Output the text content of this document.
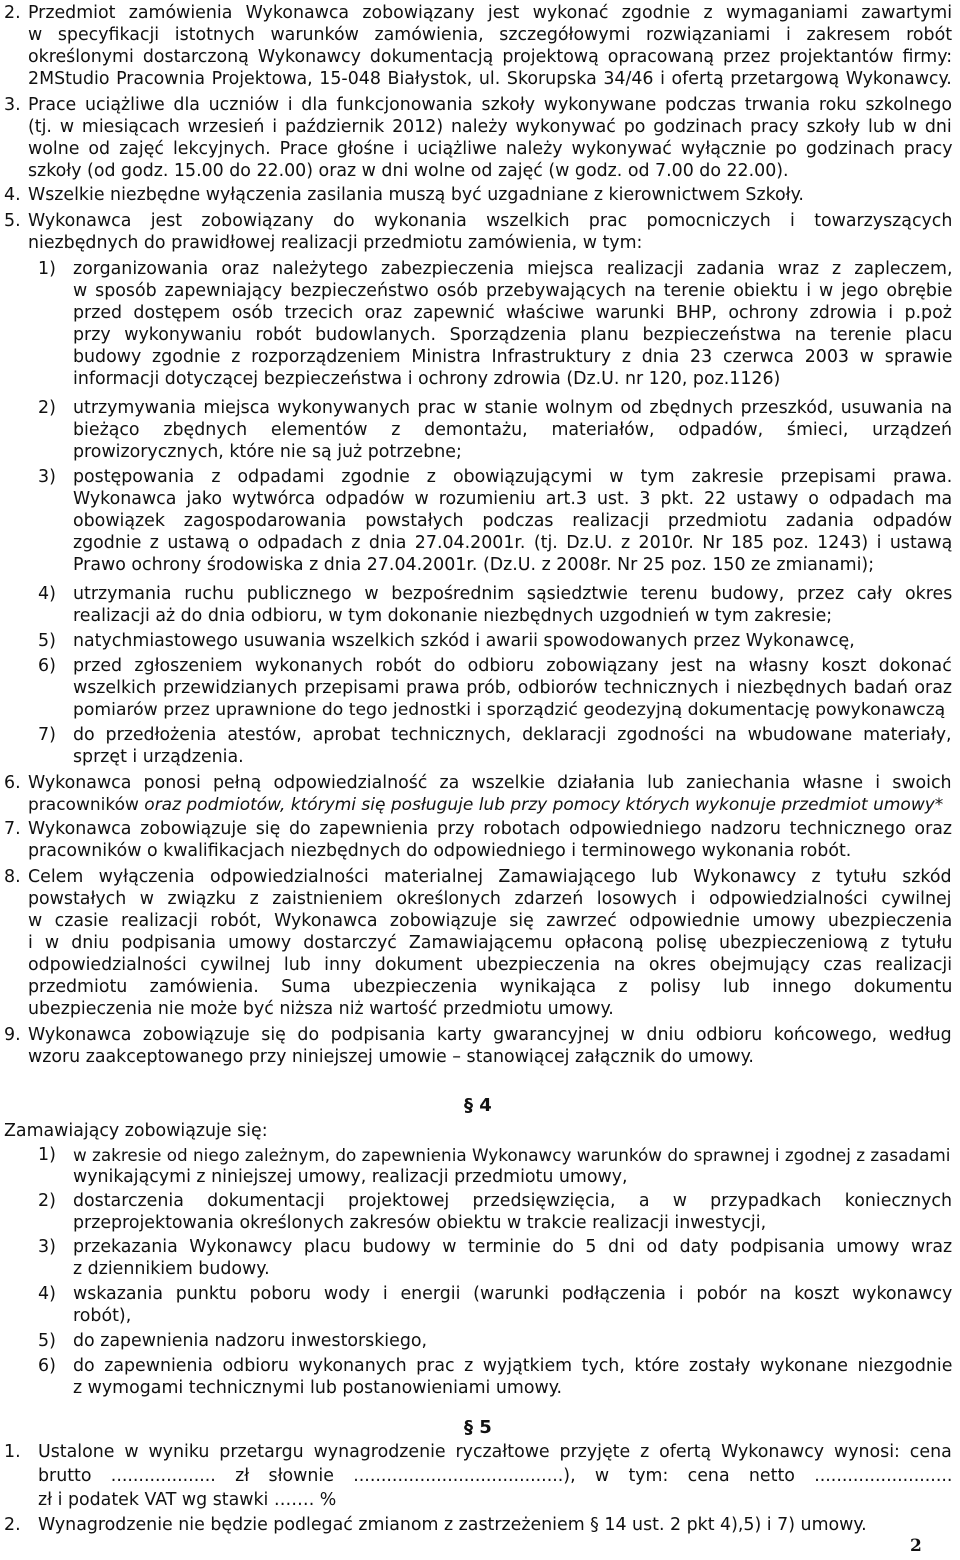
2. Przedmiot zamówienia Wykonawca zobowiązany jest wykonać zgodnie z wymaganiami zawartymi
w specyfikacji istotnych warunków zamówienia, szczegółowymi rozwiązaniami i zakresem robót
określonymi dostarczoną Wykonawcy dokumentacją projektową opracowaną przez projektantów firmy:
2MStudio Pracownia Projektowa, 15-048 Białystok, ul. Skorupska 34/46 i ofertą przetargową Wykonawcy.
3. Prace uciążliwe dla uczniów i dla funkcjonowania szkoły wykonywane podczas trwania roku szkolnego
(tj. w miesiącach wrzesień i październik 2012) należy wykonywać po godzinach pracy szkoły lub w dni
wolne od zajęć lekcyjnych. Prace głośne i uciążliwe należy wykonywać wyłącznie po godzinach pracy
szkoły (od godz. 15.00 do 22.00) oraz w dni wolne od zajęć (w godz. od 7.00 do 22.00).
4. Wszelkie niezbędne wyłączenia zasilania muszą być uzgadniane z kierownictwem Szkoły.
5. Wykonawca jest zobowiązany do wykonania wszelkich prac pomocniczych i towarzyszących
niezbędnych do prawidłowej realizacji przedmiotu zamówienia, w tym:
1) zorganizowania oraz należytego zabezpieczenia miejsca realizacji zadania wraz z zapleczem,
w sposób zapewniający bezpieczeństwo osób przebywających na terenie obiektu i w jego obrębie
przed dostępem osób trzecich oraz zapewnić właściwe warunki BHP, ochrony zdrowia i p.poż
przy wykonywaniu robót budowlanych. Sporządzenia planu bezpieczeństwa na terenie placu
budowy zgodnie z rozporządzeniem Ministra Infrastruktury z dnia 23 czerwca 2003 w sprawie
informacji dotyczącej bezpieczeństwa i ochrony zdrowia (Dz.U. nr 120, poz.1126)
2) utrzymywania miejsca wykonywanych prac w stanie wolnym od zbędnych przeszkód, usuwania na
bieżąco zbędnych elementów z demontażu, materiałów, odpadów, śmieci, urządzeń
prowizorycznych, które nie są już potrzebne;
3) postępowania z odpadami zgodnie z obowiązującymi w tym zakresie przepisami prawa.
Wykonawca jako wytwórca odpadów w rozumieniu art.3 ust. 3 pkt. 22 ustawy o odpadach ma
obowiązek zagospodarowania powstałych podczas realizacji przedmiotu zadania odpadów
zgodnie z ustawą o odpadach z dnia 27.04.2001r. (tj. Dz.U. z 2010r. Nr 185 poz. 1243) i ustawą
Prawo ochrony środowiska z dnia 27.04.2001r. (Dz.U. z 2008r. Nr 25 poz. 150 ze zmianami);
4) utrzymania ruchu publicznego w bezpośrednim sąsiedztwie terenu budowy, przez cały okres
realizacji aż do dnia odbioru, w tym dokonanie niezbędnych uzgodnień w tym zakresie;
5) natychmiastowego usuwania wszelkich szkód i awarii spowodowanych przez Wykonawcę,
6) przed zgłoszeniem wykonanych robót do odbioru zobowiązany jest na własny koszt dokonać
wszelkich przewidzianych przepisami prawa prób, odbiorów technicznych i niezbędnych badań oraz
pomiarów przez uprawnione do tego jednostki i sporządzić geodezyjną dokumentację powykonawczą
7) do przedłożenia atestów, aprobat technicznych, deklaracji zgodności na wbudowane materiały,
sprzęt i urządzenia.
6. Wykonawca ponosi pełną odpowiedzialność za wszelkie działania lub zaniechania własne i swoich
pracowników oraz podmiotów, którymi się posługuje lub przy pomocy których wykonuje przedmiot umowy*
7. Wykonawca zobowiązuje się do zapewnienia przy robotach odpowiedniego nadzoru technicznego oraz
pracowników o kwalifikacjach niezbędnych do odpowiedniego i terminowego wykonania robót.
8. Celem wyłączenia odpowiedzialności materialnej Zamawiającego lub Wykonawcy z tytułu szkód
powstałych w związku z zaistnieniem określonych zdarzeń losowych i odpowiedzialności cywilnej
w czasie realizacji robót, Wykonawca zobowiązuje się zawrzeć odpowiednie umowy ubezpieczenia
i w dniu podpisania umowy dostarczyć Zamawiającemu opłaconą polisę ubezpieczeniową z tytułu
odpowiedzialności cywilnej lub inny dokument ubezpieczenia na okres obejmujący czas realizacji
przedmiotu zamówienia. Suma ubezpieczenia wynikająca z polisy lub innego dokumentu
ubezpieczenia nie może być niższa niż wartość przedmiotu umowy.
9. Wykonawca zobowiązuje się do podpisania karty gwarancyjnej w dniu odbioru końcowego, według
wzoru zaakceptowanego przy niniejszej umowie – stanowiącej załącznik do umowy.
Zamawiający zobowiązuje się:
1) w zakresie od niego zależnym, do zapewnienia Wykonawcy warunków do sprawnej i zgodnej z zasadami
wynikającymi z niniejszej umowy, realizacji przedmiotu umowy,
2) dostarczenia dokumentacji projektowej przedsięwzięcia, a w przypadkach koniecznych
przeprojektowania określonych zakresów obiektu w trakcie realizacji inwestycji,
3) przekazania Wykonawcy placu budowy w terminie do 5 dni od daty podpisania umowy wraz
z dziennikiem budowy.
4) wskazania punktu poboru wody i energii (warunki podłączenia i pobór na koszt wykonawcy
robót),
5) do zapewnienia nadzoru inwestorskiego,
6) do zapewnienia odbioru wykonanych prac z wyjątkiem tych, które zostały wykonane niezgodnie
z wymogami technicznymi lub postanowieniami umowy.
1. Ustalone w wyniku przetargu wynagrodzenie ryczałtowe przyjęte z ofertą Wykonawcy wynosi: cena
brutto ................... zł słownie ......................................), w tym: cena netto .........................
zł i podatek VAT wg stawki ……. %
2. Wynagrodzenie nie będzie podlegać zmianom z zastrzeżeniem § 14 ust. 2 pkt 4),5) i 7) umowy.
§ 4
§ 5
2
